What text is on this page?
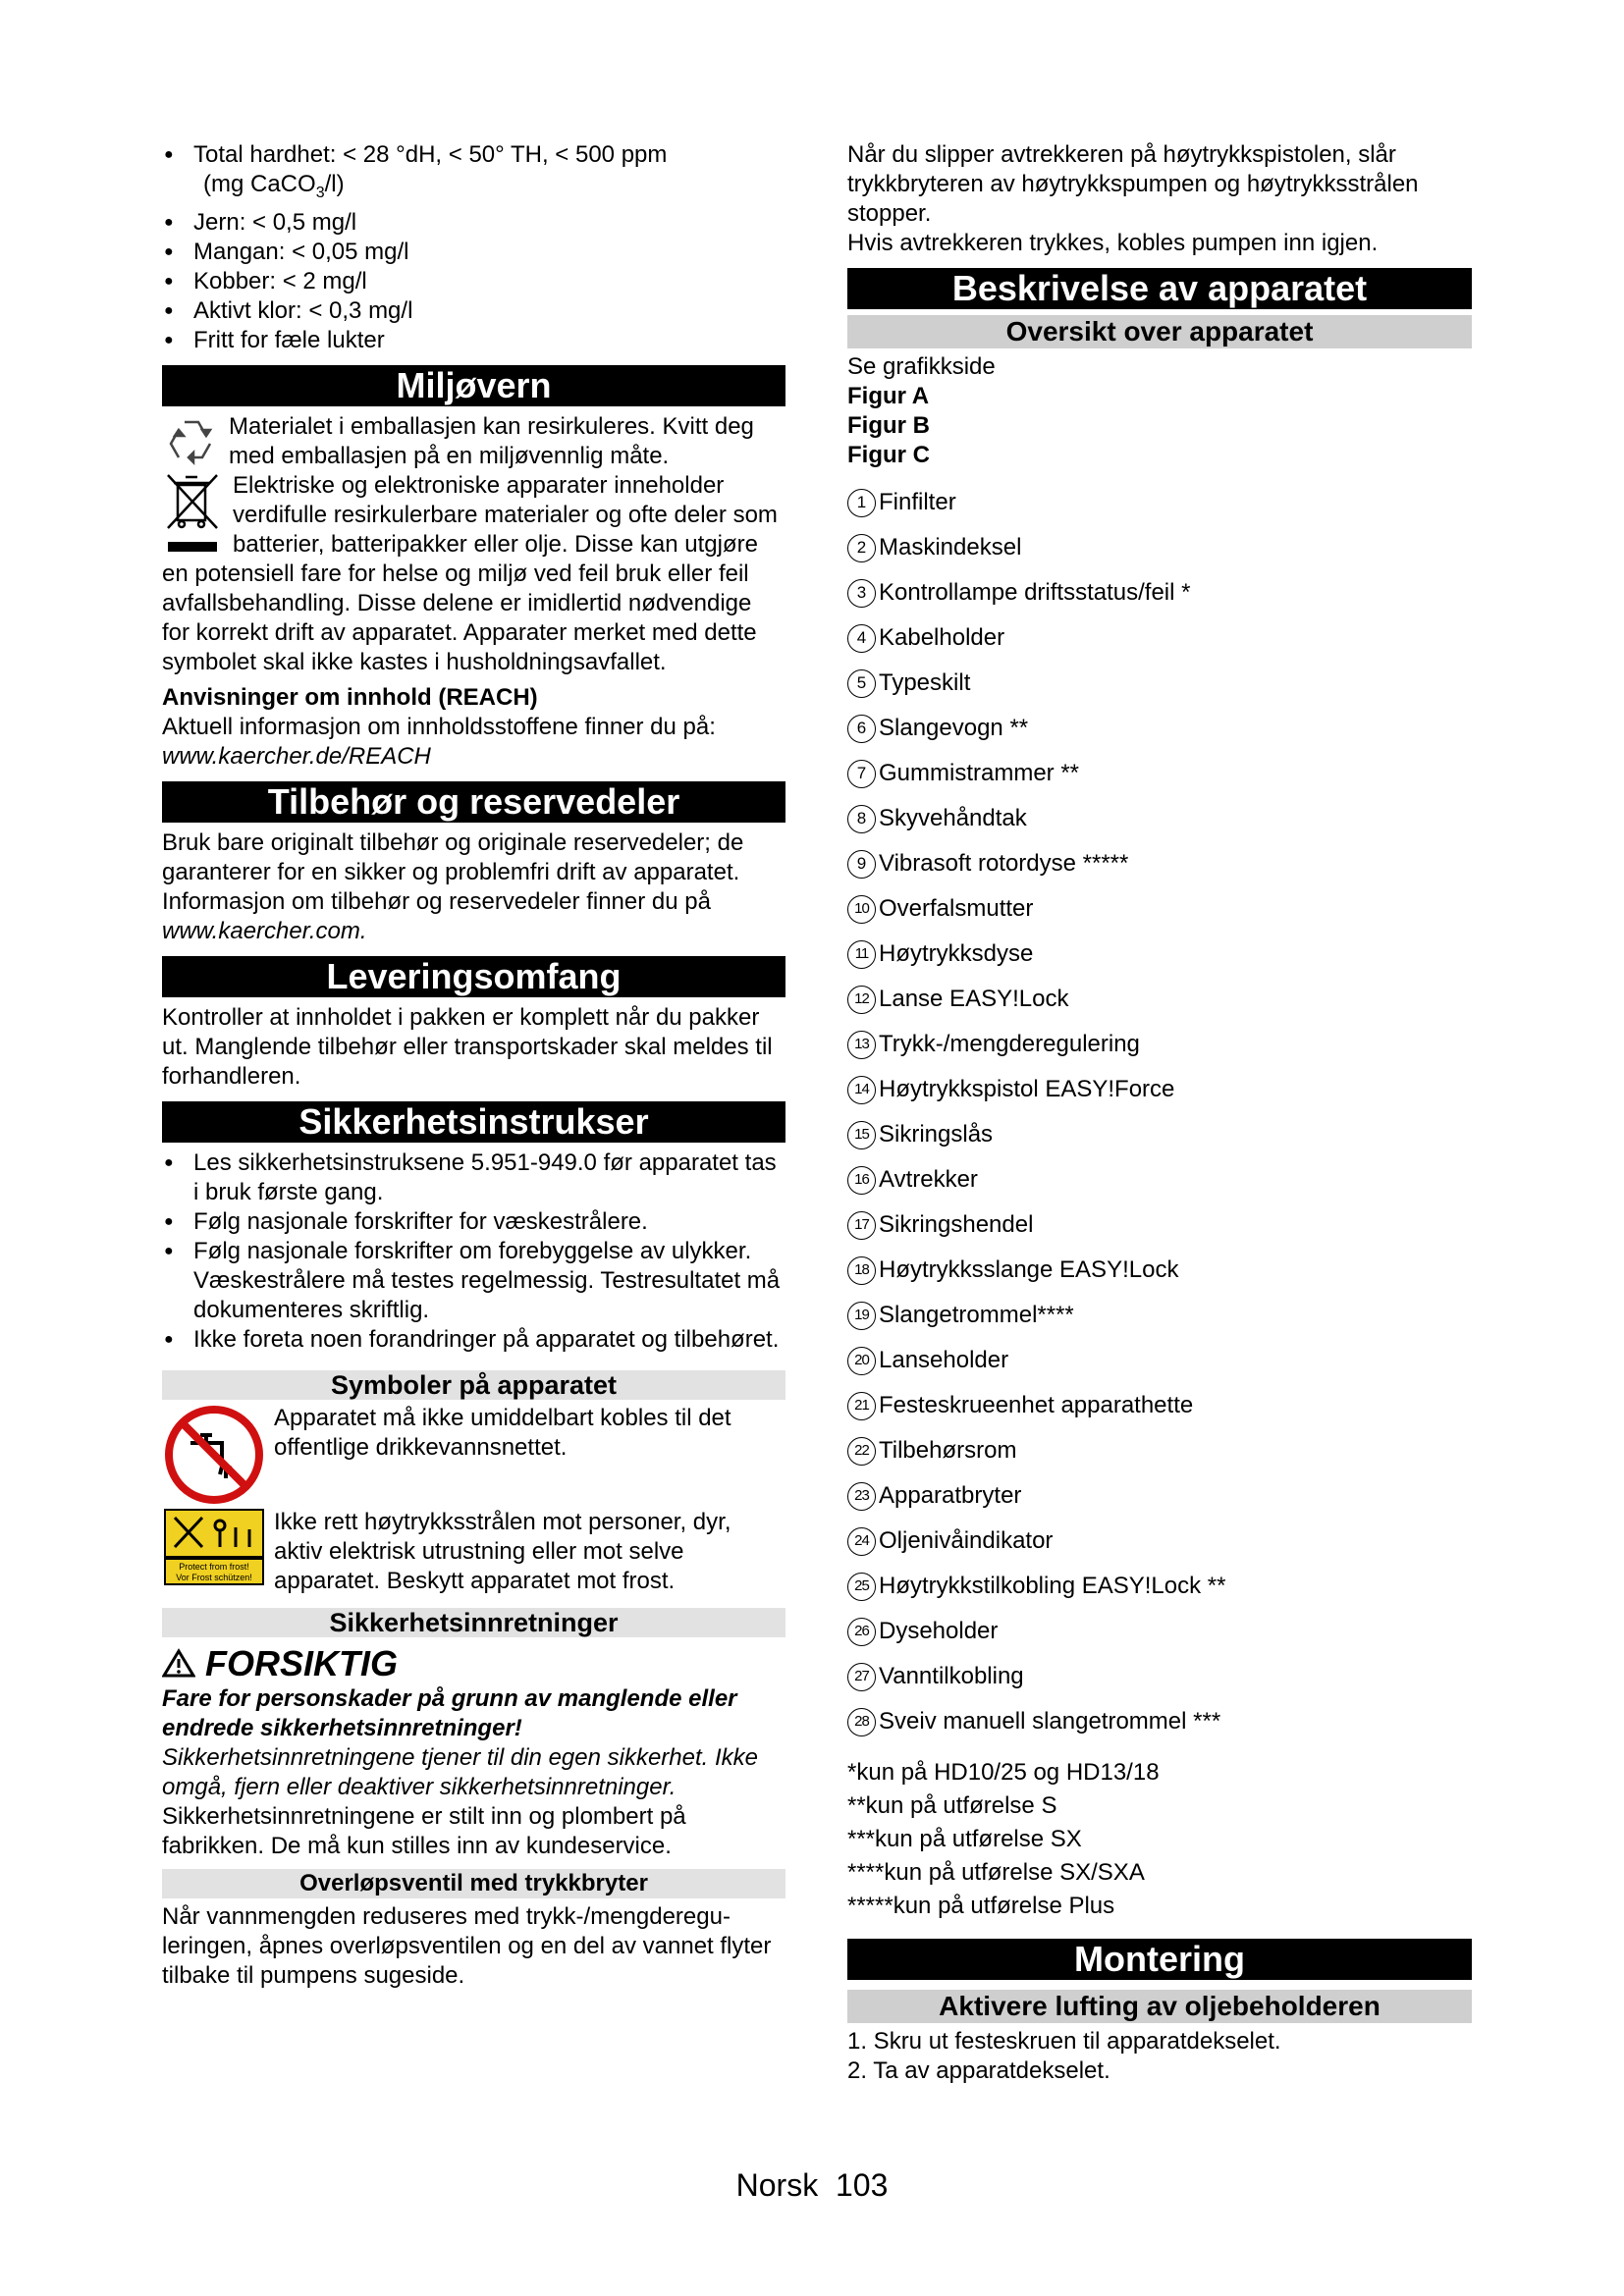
● Total hardhet: < 28 °dH, < 50° TH, < 500 ppm
(mg CaCO$_3$/l)
● Jern: < 0,5 mg/l
● Mangan: < 0,05 mg/l
● Kobber: < 2 mg/l
● Aktivt klor: < 0,3 mg/l
● Fritt for fæle lukter
Miljøvern

Materialet i emballasjen kan resirkuleres. Kvitt deg med emballasjen på en miljøvennlig måte.

Elektriske og elektroniske apparater inneholder verdifulle resirkulerbare materialer og ofte deler som batterier, batteripakker eller olje. Disse kan utgjøre en potensiell fare for helse og miljø ved feil bruk eller feil avfallsbehandling. Disse delene er imidlertid nødvendige for korrekt drift av apparatet. Apparater merket med dette symbolet skal ikke kastes i husholdningsavfallet.

Anvisninger om innhold (REACH)

Aktuell informasjon om innholdsstoffene finner du på:

www.kaercher.de/REACH

Tilbehør og reservedeler

Bruk bare originalt tilbehør og originale reservedeler; de garanterer for en sikker og problemfri drift av apparatet. Informasjon om tilbehør og reservedeler finner du på

www.kaercher.com.

Leveringsomfang

Kontroller at innholdet i pakken er komplett når du pakker ut. Manglende tilbehør eller transportskader skal meldes til forhandleren.

Sikkerhetsinstrukser
● Les sikkerhetsinstruksene 5.951-949.0 før apparatet tas i bruk første gang.
● Følg nasjonale forskrifter for væskestrålere.
● Følg nasjonale forskrifter om forebyggelse av ulykker. Væskestrålere må testes regelmessig. Testresultatet må dokumenteres skriftlig.
● Ikke foreta noen forandringer på apparatet og tilbehøret.
Symboler på apparatet

Apparatet må ikke umiddelbart kobles til det offentlige drikkevannsnettet.

Protect from frost!
Vor Frost schützen!

Ikke rett høytrykksstrålen mot personer, dyr, aktiv elektrisk utrustning eller mot selve apparatet. Beskytt apparatet mot frost.

Sikkerhetsinnretninger
FORSIKTIG

Fare for personskader på grunn av manglende eller endrede sikkerhetsinnretninger!

Sikkerhetsinnretningene tjener til din egen sikkerhet. Ikke omgå, fjern eller deaktiver sikkerhetsinnretninger.

Sikkerhetsinnretningene er stilt inn og plombert på fabrikken. De må kun stilles inn av kundeservice.

Overløpsventil med trykkbryter

Når vannmengden reduseres med trykk-/mengdereguleringen, åpnes overløpsventilen og en del av vannet flyter tilbake til pumpens sugeside.

Når du slipper avtrekkeren på høytrykkspistolen, slår trykkbryteren av høytrykkspumpen og høytrykksstrålen stopper.

Hvis avtrekkeren trykkes, kobles pumpen inn igjen.

Beskrivelse av apparatet
Oversikt over apparatet

Se grafikkside

Figur A

Figur B

Figur C

1 Finfilter
2 Maskindeksel
3 Kontrollampe driftsstatus/feil *
4 Kabelholder
5 Typeskilt
6 Slangevogn **
7 Gummistrammer **
8 Skyvehåndtak
9 Vibrasoft rotordyse *****
10 Overfalsmutter
11 Høytrykksdyse
12 Lanse EASY!Lock
13 Trykk-/mengderegulering
14 Høytrykkspistol EASY!Force
15 Sikringslås
16 Avtrekker
17 Sikringshendel
18 Høytrykksslange EASY!Lock
19 Slangetrommel****
20 Lanseholder
21 Festeskrueenhet apparathette
22 Tilbehørsrom
23 Apparatbryter
24 Oljenivåindikator
25 Høytrykkstilkobling EASY!Lock **
26 Dyseholder
27 Vanntilkobling
28 Sveiv manuell slangetrommel ***

*kun på HD10/25 og HD13/18

**kun på utførelse S

***kun på utførelse SX

****kun på utførelse SX/SXA

*****kun på utførelse Plus

Montering
Aktivere lufting av oljebeholderen

1. Skru ut festeskruen til apparatdekselet.

2. Ta av apparatdekselet.

Norsk 103
